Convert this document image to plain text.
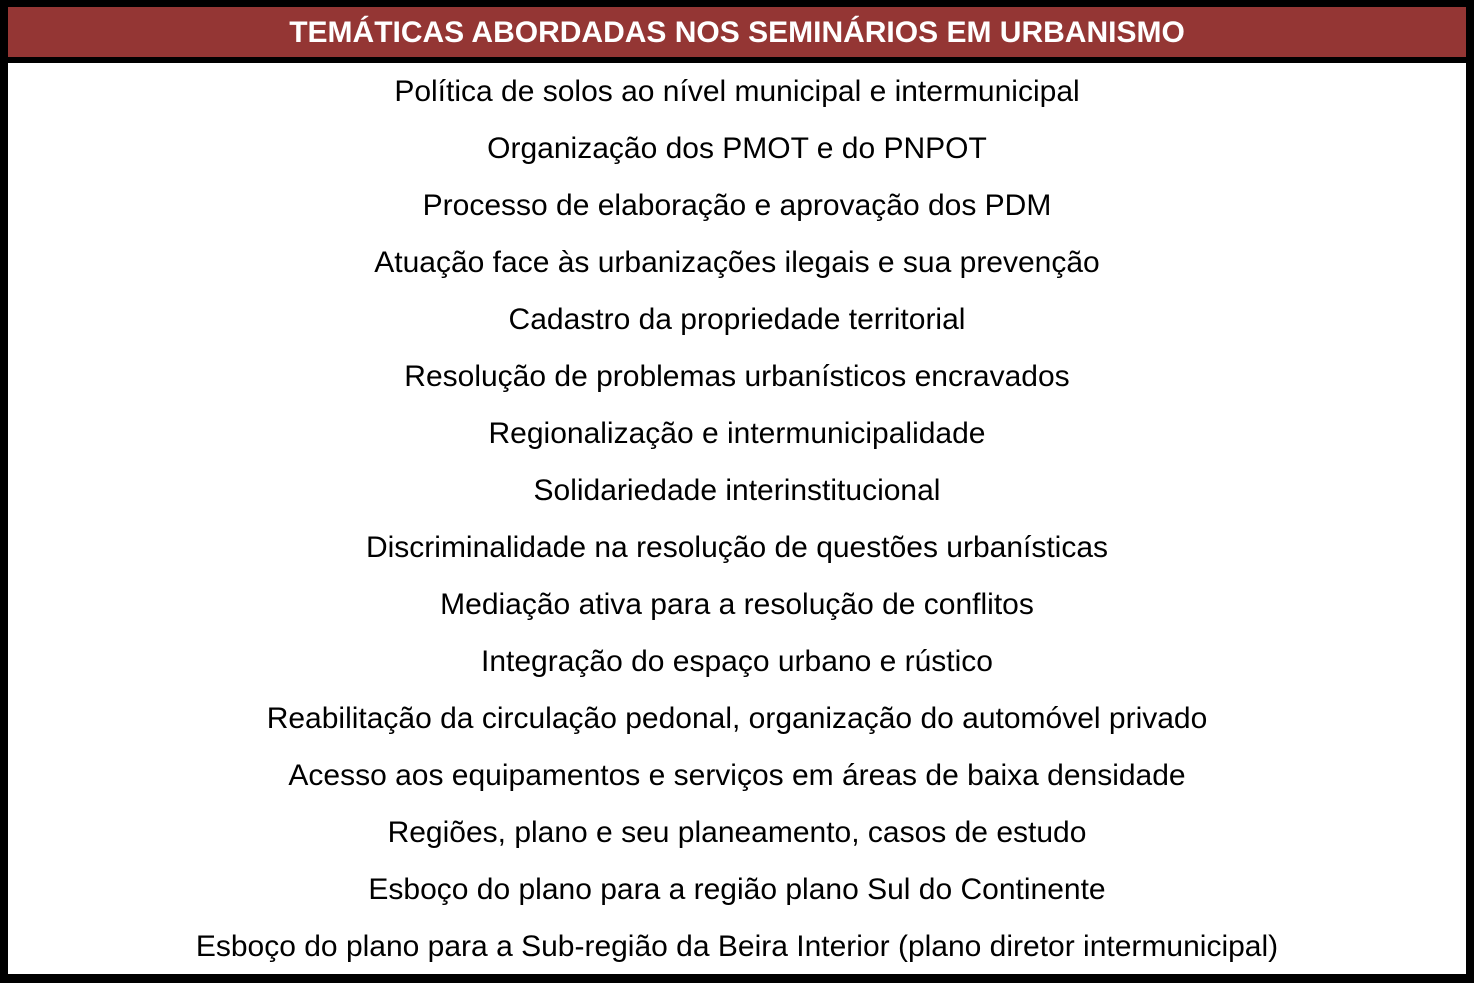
TEMÁTICAS ABORDADAS NOS SEMINÁRIOS EM URBANISMO
Política de solos ao nível municipal e intermunicipal
Organização dos PMOT e do PNPOT
Processo de elaboração e aprovação dos PDM
Atuação face às urbanizações ilegais e sua prevenção
Cadastro da propriedade territorial
Resolução de problemas urbanísticos encravados
Regionalização e intermunicipalidade
Solidariedade interinstitucional
Discriminalidade na resolução de questões urbanísticas
Mediação ativa para a resolução de conflitos
Integração do espaço urbano e rústico
Reabilitação da circulação pedonal, organização do automóvel privado
Acesso aos equipamentos e serviços em áreas de baixa densidade
Regiões, plano e seu planeamento, casos de estudo
Esboço do plano para a região plano Sul do Continente
Esboço do plano para a Sub-região da Beira Interior (plano diretor intermunicipal)
